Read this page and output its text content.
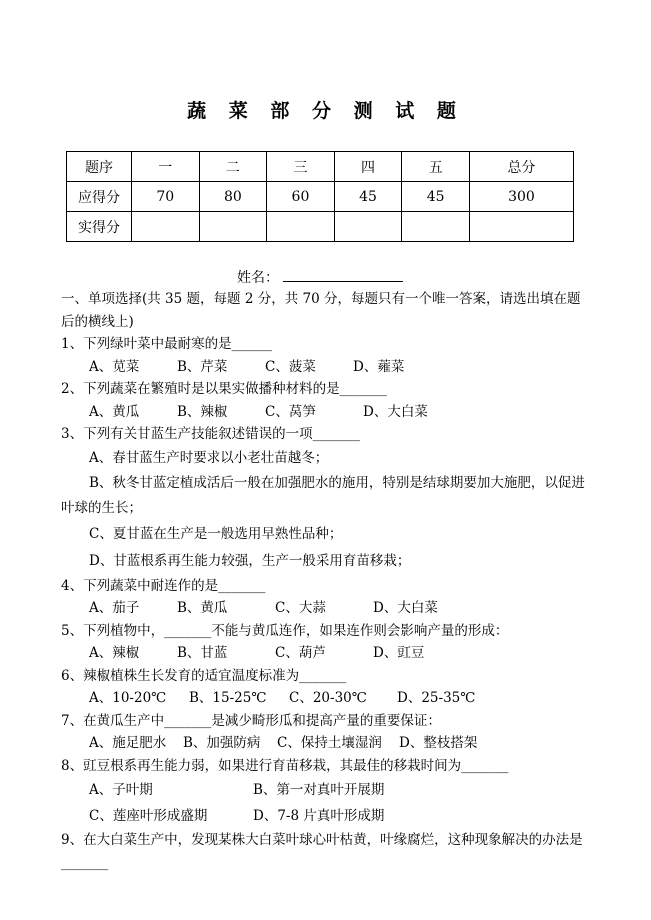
蔬 菜 部 分 测 试 题
题序	一	二	三	四	五	总分
应得分	70	80	60	45	45	300
实得分						
姓名：
一、单项选择(共 35 题，每题 2 分，共 70 分，每题只有一个唯一答案，请选出填在题后的横线上)
1、下列绿叶菜中最耐寒的是______
A、苋菜	B、芹菜	C、菠菜	D、蕹菜
2、下列蔬菜在繁殖时是以果实做播种材料的是_______
A、黄瓜	B、辣椒	C、莴笋	D、大白菜
3、下列有关甘蓝生产技能叙述错误的一项_______
A、春甘蓝生产时要求以小老壮苗越冬；
B、秋冬甘蓝定植成活后一般在加强肥水的施用，特别是结球期要加大施肥，以促进叶球的生长；
C、夏甘蓝在生产是一般选用早熟性品种；
D、甘蓝根系再生能力较强，生产一般采用育苗移栽；
4、下列蔬菜中耐连作的是_______
A、茄子	B、黄瓜	C、大蒜	D、大白菜
5、下列植物中，_______不能与黄瓜连作，如果连作则会影响产量的形成：
A、辣椒	B、甘蓝	C、葫芦	D、豇豆
6、辣椒植株生长发育的适宜温度标准为_______
A、10-20℃ B、15-25℃ C、20-30℃ D、25-35℃
7、在黄瓜生产中_______是减少畸形瓜和提高产量的重要保证：
A、施足肥水 B、加强防病 C、保持土壤湿润 D、整枝搭架
8、豇豆根系再生能力弱，如果进行育苗移栽，其最佳的移栽时间为_______
A、子叶期	B、第一对真叶开展期
C、莲座叶形成盛期	D、7-8 片真叶形成期
9、在大白菜生产中，发现某株大白菜叶球心叶枯黄，叶缘腐烂，这种现象解决的办法是
_______
